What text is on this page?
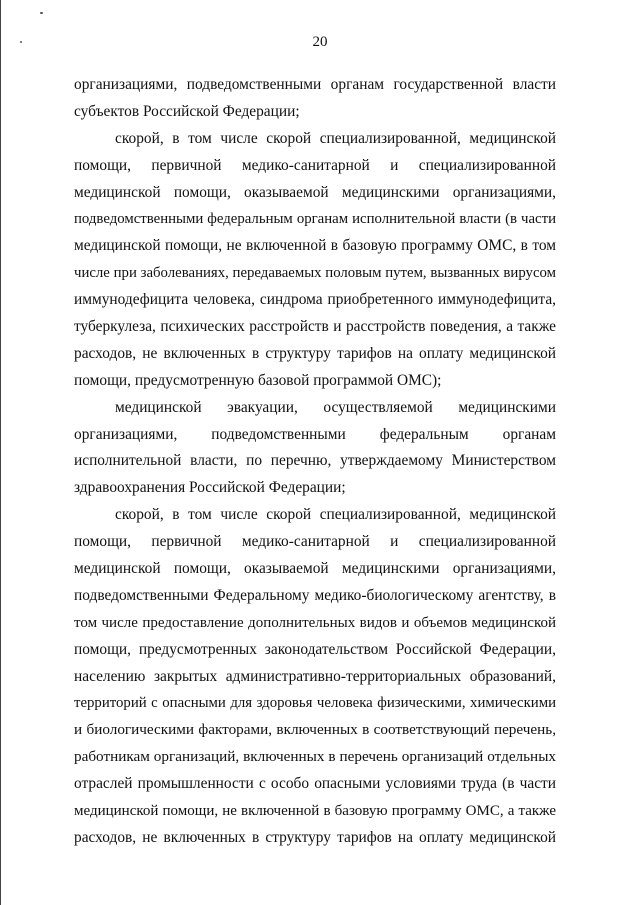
20
организациями, подведомственными органам государственной власти
субъектов Российской Федерации;
скорой, в том числе скорой специализированной, медицинской
помощи, первичной медико-санитарной и специализированной
медицинской помощи, оказываемой медицинскими организациями,
подведомственными федеральным органам исполнительной власти (в части
медицинской помощи, не включенной в базовую программу ОМС, в том
числе при заболеваниях, передаваемых половым путем, вызванных вирусом
иммунодефицита человека, синдрома приобретенного иммунодефицита,
туберкулеза, психических расстройств и расстройств поведения, а также
расходов, не включенных в структуру тарифов на оплату медицинской
помощи, предусмотренную базовой программой ОМС);
медицинской эвакуации, осуществляемой медицинскими
организациями, подведомственными федеральным органам
исполнительной власти, по перечню, утверждаемому Министерством
здравоохранения Российской Федерации;
скорой, в том числе скорой специализированной, медицинской
помощи, первичной медико-санитарной и специализированной
медицинской помощи, оказываемой медицинскими организациями,
подведомственными Федеральному медико-биологическому агентству, в
том числе предоставление дополнительных видов и объемов медицинской
помощи, предусмотренных законодательством Российской Федерации,
населению закрытых административно-территориальных образований,
территорий с опасными для здоровья человека физическими, химическими
и биологическими факторами, включенных в соответствующий перечень,
работникам организаций, включенных в перечень организаций отдельных
отраслей промышленности с особо опасными условиями труда (в части
медицинской помощи, не включенной в базовую программу ОМС, а также
расходов, не включенных в структуру тарифов на оплату медицинской
